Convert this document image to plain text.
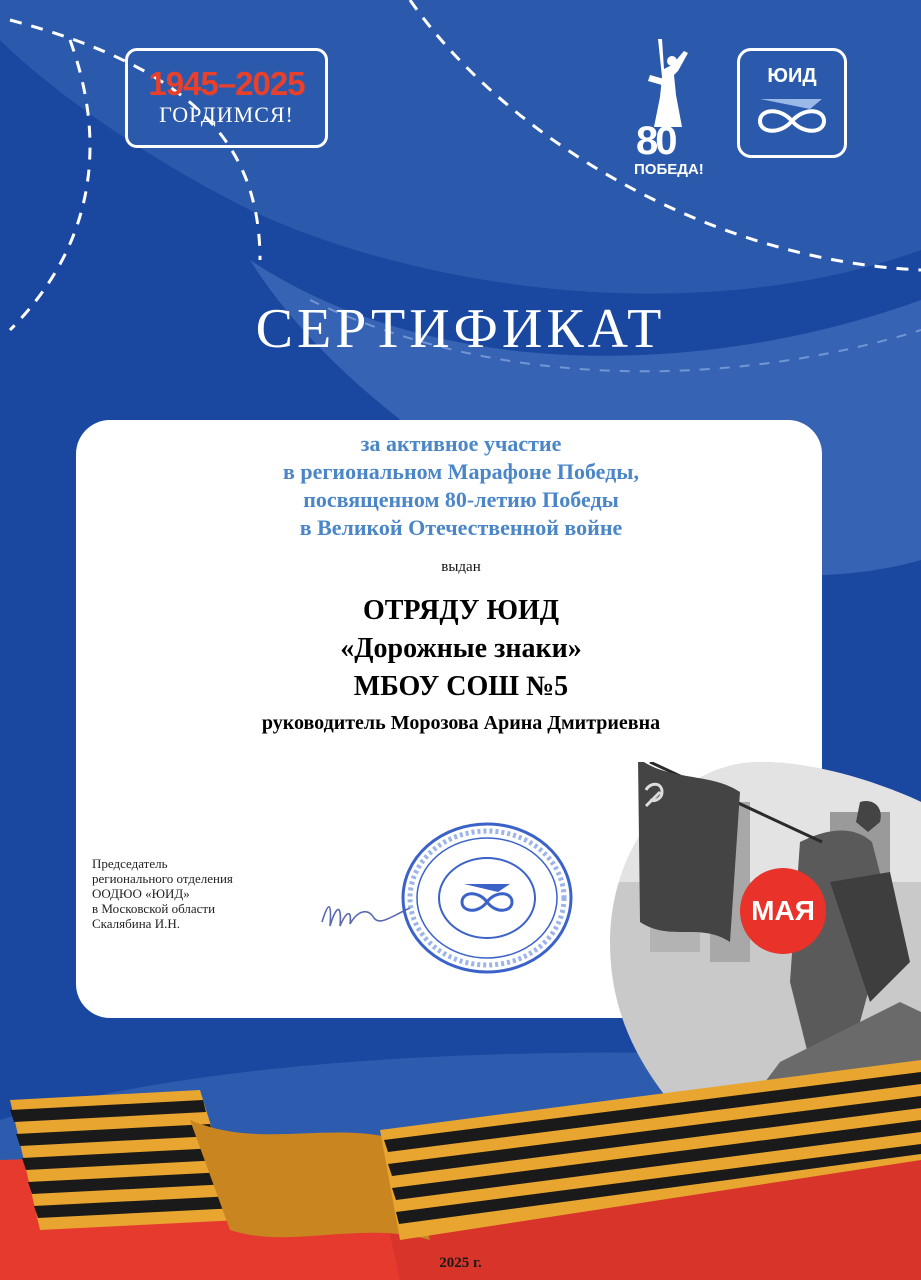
1945–2025
ГОРДИМСЯ!
80
ПОБЕДА!
ЮИД
СЕРТИФИКАТ
за активное участие
в региональном Марафоне Победы,
посвященном 80-летию Победы
в Великой Отечественной войне
выдан
ОТРЯДУ ЮИД
«Дорожные знаки»
МБОУ СОШ №5
руководитель Морозова Арина Дмитриевна
Председатель
регионального отделения
ООДЮО «ЮИД»
в Московской области
Скалябина И.Н.	МАЯ
2025 г.
